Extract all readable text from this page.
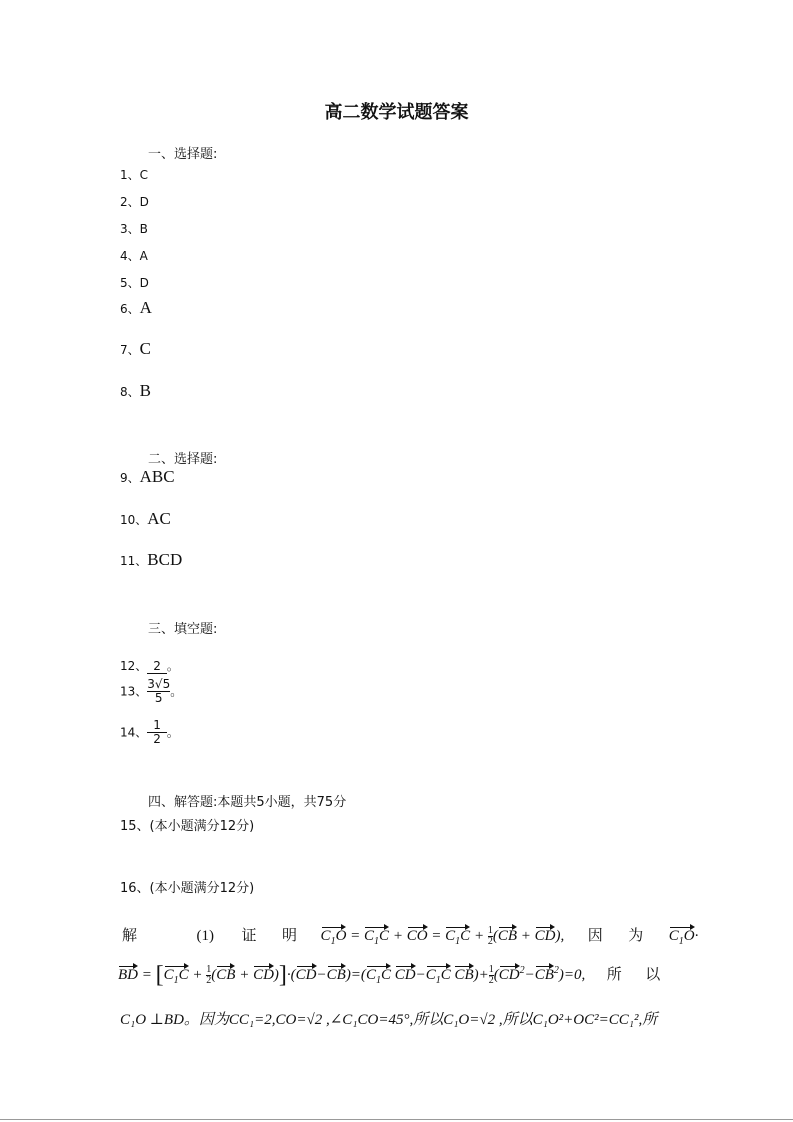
高二数学试题答案
一、选择题:
1、C
2、D
3、B
4、A
5、D
6、A
7、C
8、B
二、选择题:
9、ABC
10、AC
11、BCD
三、填空题:
12、 2 。
13、 $\frac{3√5}{5}$ 。
14、 $\frac{1}{2}$ 。
四、解答题:本题共5小题，共75分
15、(本小题满分12分)
16、(本小题满分12分)
解	(1) 证 明 $C_1O = C_1C$ + CO = $C_1C + \frac{1}{2} (CB + CD)$,  因 为 $C_1O\cdot$
BD = $[C_1C + \frac{1}{2} (CB + CD)]\cdot(CD-CB)=(C_1C$ $CD-C_1C$ $CB)+ \frac{1}{2} (CD^2-CB^2)=0$,  所 以
C₁O ⊥BD。因为CC₁=2,CO=√2 ,∠C₁CO=45°,所以C₁O=√2 ,所以C₁O²+OC²=CC₁²,所
